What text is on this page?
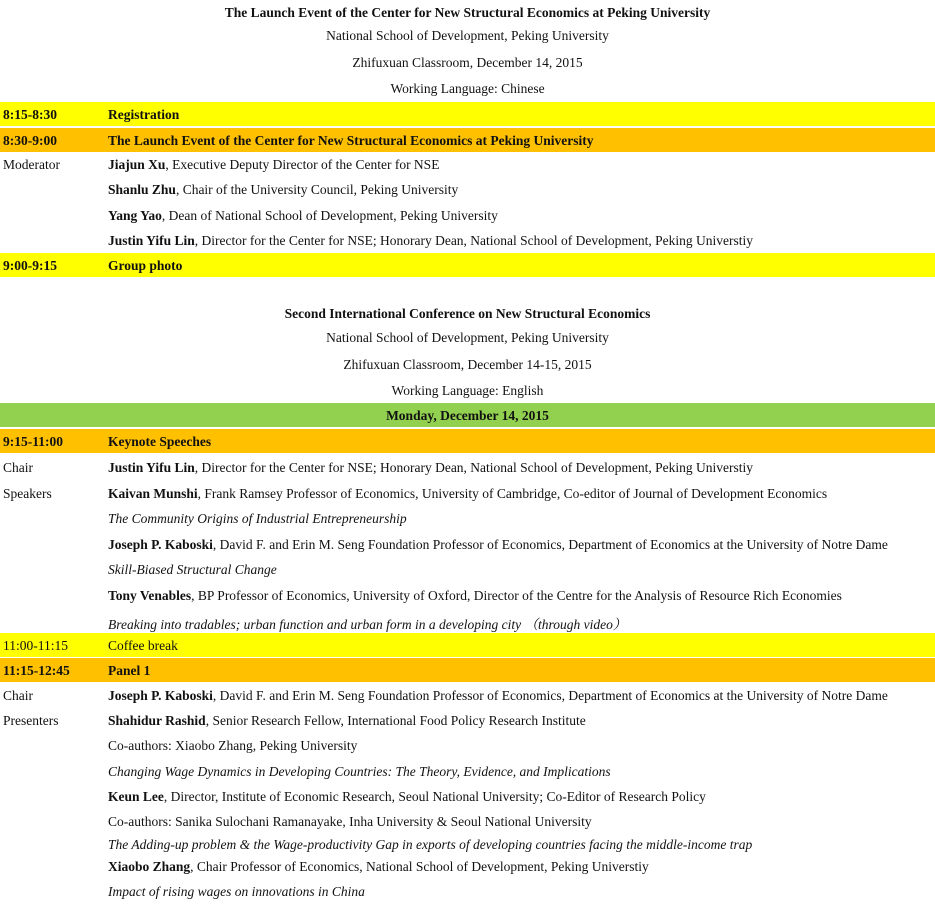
The Launch Event of the Center for New Structural Economics at Peking University
National School of Development, Peking University
Zhifuxuan Classroom, December 14, 2015
Working Language: Chinese
8:15-8:30	Registration
8:30-9:00	The Launch Event of the Center for New Structural Economics at Peking University
Moderator	Jiajun Xu, Executive Deputy Director of the Center for NSE
Shanlu Zhu, Chair of the University Council, Peking University
Yang Yao, Dean of National School of Development, Peking University
Justin Yifu Lin, Director for the Center for NSE; Honorary Dean, National School of Development, Peking Universtiy
9:00-9:15	Group photo
Second International Conference on New Structural Economics
National School of Development, Peking University
Zhifuxuan Classroom, December 14-15, 2015
Working Language: English
Monday, December 14, 2015
9:15-11:00	Keynote Speeches
Chair	Justin Yifu Lin, Director for the Center for NSE; Honorary Dean, National School of Development, Peking Universtiy
Speakers	Kaivan Munshi, Frank Ramsey Professor of Economics, University of Cambridge, Co-editor of Journal of Development Economics
The Community Origins of Industrial Entrepreneurship
Joseph P. Kaboski, David F. and Erin M. Seng Foundation Professor of Economics, Department of Economics at the University of Notre Dame
Skill-Biased Structural Change
Tony Venables, BP Professor of Economics, University of Oxford, Director of the Centre for the Analysis of Resource Rich Economies
Breaking into tradables; urban function and urban form in a developing city （through video）
11:00-11:15	Coffee break
11:15-12:45	Panel 1
Chair	Joseph P. Kaboski, David F. and Erin M. Seng Foundation Professor of Economics, Department of Economics at the University of Notre Dame
Presenters	Shahidur Rashid, Senior Research Fellow, International Food Policy Research Institute
Co-authors: Xiaobo Zhang, Peking University
Changing Wage Dynamics in Developing Countries: The Theory, Evidence, and Implications
Keun Lee, Director, Institute of Economic Research, Seoul National University; Co-Editor of Research Policy
Co-authors: Sanika Sulochani Ramanayake, Inha University & Seoul National University
The Adding-up problem & the Wage-productivity Gap in exports of developing countries facing the middle-income trap
Xiaobo Zhang, Chair Professor of Economics, National School of Development, Peking Universtiy
Impact of rising wages on innovations in China
